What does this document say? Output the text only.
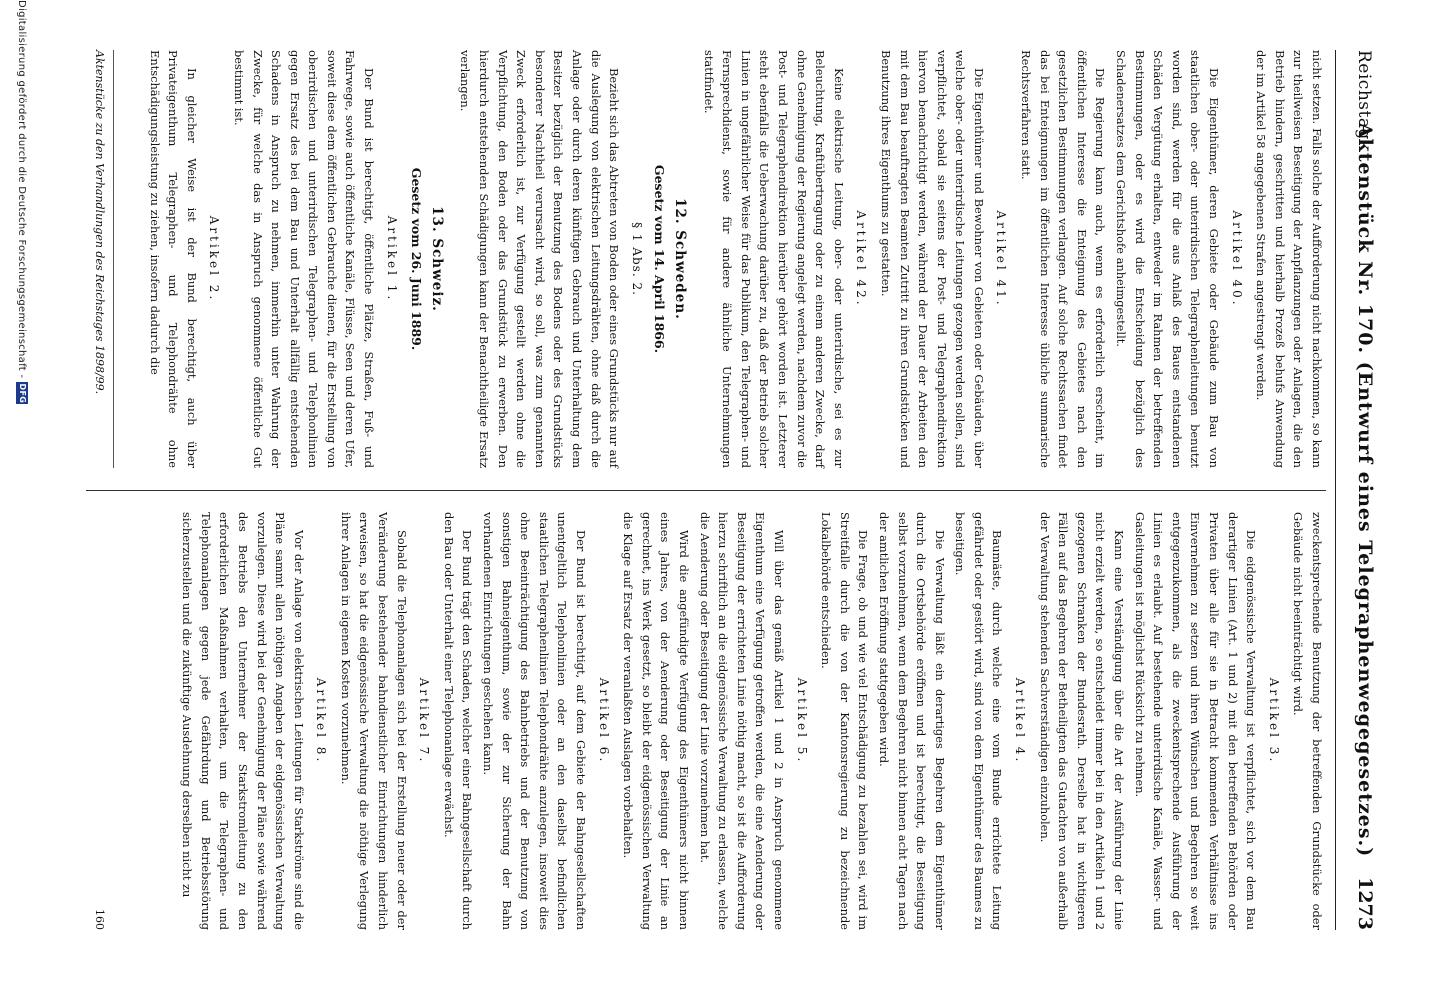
Reichstag.
Aktenstück Nr. 170. (Entwurf eines Telegraphenwegegesetzes.)
1273
nicht setzen. Falls solche der Aufforderung nicht nachkommen, so kann zur theilweisen Beseitigung der Anpflanzungen oder Anlagen, die den Betrieb hindern, geschritten und hierhalb Prozeß behufs Anwendung der im Artikel 58 angegebenen Strafen angestrengt werden.
Artikel 40.
Die Eigenthümer, deren Gebiete oder Gebäude zum Bau von staatlichen ober- oder unterirdischen Telegraphenleitungen benutzt worden sind, werden für die aus Anlaß des Baues entstandenen Schäden Vergütung erhalten, entweder im Rahmen der betreffenden Bestimmungen, oder es wird die Entscheidung bezüglich des Schadenersatzes dem Gerichtshofe anheimgestellt.
Die Regierung kann auch, wenn es erforderlich erscheint, im öffentlichen Interesse die Enteignung des Gebietes nach den gesetzlichen Bestimmungen verlangen. Auf solche Rechtssachen findet das bei Enteignungen im öffentlichen Interesse übliche summarische Rechtsverfahren statt.
Artikel 41.
Die Eigenthümer und Bewohner von Gebieten oder Gebäuden, über welche ober- oder unterirdische Leitungen gezogen werden sollen, sind verpflichtet, sobald sie seitens der Post- und Telegraphendirektion hiervon benachrichtigt werden, während der Dauer der Arbeiten den mit dem Bau beauftragten Beamten Zutritt zu ihren Grundstücken und Benutzung ihres Eigenthums zu gestatten.
Artikel 42.
Keine elektrische Leitung, ober- oder unterirdische, sei es zur Beleuchtung, Kraftübertragung oder zu einem anderen Zwecke, darf ohne Genehmigung der Regierung angelegt werden, nachdem zuvor die Post- und Telegraphendirektion hierüber gehört worden ist. Letzterer steht ebenfalls die Ueberwachung darüber zu, daß der Betrieb solcher Linien in ungefährlicher Weise für das Publikum, den Telegraphen- und Fernsprechdienst, sowie für andere ähnliche Unternehmungen stattfindet.
12. Schweden.
Gesetz vom 14. April 1866.
§ 1 Abs. 2.
Bezieht sich das Abtreten von Boden oder eines Grundstücks nur auf die Auslegung von elektrischen Leitungsdrähten, ohne daß durch die Anlage oder durch deren künftigen Gebrauch und Unterhaltung dem Besitzer bezüglich der Benutzung des Bodens oder des Grundstücks besonderer Nachtheil verursacht wird, so soll, was zum genannten Zweck erforderlich ist, zur Verfügung gestellt werden ohne die Verpflichtung, den Boden oder das Grundstück zu erwerben. Den hierdurch entstehenden Schädigungen kann der Benachtheiligte Ersatz verlangen.
13. Schweiz.
Gesetz vom 26. Juni 1889.
Artikel 1.
Der Bund ist berechtigt, öffentliche Plätze, Straßen, Fuß- und Fahrwege, sowie auch öffentliche Kanäle, Flüsse, Seen und deren Ufer, soweit diese dem öffentlichen Gebrauche dienen, für die Erstellung von oberirdischen und unterirdischen Telegraphen- und Telephonlinien gegen Ersatz des bei dem Bau und Unterhalt allfällig entstehenden Schadens in Anspruch zu nehmen, immerhin unter Wahrung der Zwecke, für welche das in Anspruch genommene öffentliche Gut bestimmt ist.
Artikel 2.
In gleicher Weise ist der Bund berechtigt, auch über Privateigenthum Telegraphen- und Telephondrähte ohne Entschädigungsleistung zu ziehen, insofern dadurch die
zweckentsprechende Benutzung der betreffenden Grundstücke oder Gebäude nicht beeinträchtigt wird.
Artikel 3.
Die eidgenössische Verwaltung ist verpflichtet, sich vor dem Bau derartiger Linien (Art. 1 und 2) mit den betreffenden Behörden oder Privaten über alle für sie in Betracht kommenden Verhältnisse ins Einvernehmen zu setzen und ihren Wünschen und Begehren so weit entgegenzukommen, als die zweckentsprechende Ausführung der Linien es erlaubt. Auf bestehende unterirdische Kanäle, Wasser- und Gasleitungen ist möglichst Rücksicht zu nehmen.
Kann eine Verständigung über die Art der Ausführung der Linie nicht erzielt werden, so entscheidet immer bei in den Artikeln 1 und 2 gezogenen Schranken der Bundesrath. Derselbe hat in wichtigeren Fällen auf das Begehren der Betheiligten das Gutachten von außerhalb der Verwaltung stehenden Sachverständigen einzuholen.
Artikel 4.
Baumäste, durch welche eine vom Bunde errichtete Leitung gefährdet oder gestört wird, sind von dem Eigenthümer des Baumes zu beseitigen.
Die Verwaltung läßt ein derartiges Begehren dem Eigenthümer durch die Ortsbehörde eröffnen und ist berechtigt, die Beseitigung selbst vorzunehmen, wenn dem Begehren nicht binnen acht Tagen nach der amtlichen Eröffnung stattgegeben wird.
Die Frage, ob und wie viel Entschädigung zu bezahlen sei, wird im Streitfalle durch die von der Kantonsregierung zu bezeichnende Lokalbehörde entschieden.
Artikel 5.
Will über das gemäß Artikel 1 und 2 in Anspruch genommene Eigenthum eine Verfügung getroffen werden, die eine Aenderung oder Beseitigung der errichteten Linie nöthig macht, so ist die Aufforderung hierzu schriftlich an die eidgenössische Verwaltung zu erlassen, welche die Aenderung oder Beseitigung der Linie vorzunehmen hat.
Wird die angefündigte Verfügung des Eigenthümers nicht binnen eines Jahres, von der Aenderung oder Beseitigung der Linie an gerechnet, ins Werk gesetzt, so bleibt der eidgenössischen Verwaltung die Klage auf Ersatz der veranlaßten Auslagen vorbehalten.
Artikel 6.
Der Bund ist berechtigt, auf dem Gebiete der Bahngesellschaften unentgeltlich Telephonlinien oder an den daselbst befindlichen staatlichen Telegraphenlinien Telephondrähte anzulegen, insoweit dies ohne Beeinträchtigung des Bahnbetriebs und der Benutzung von sonstigen Bahneigenthum, sowie der zur Sicherung der Bahn vorhandenen Einrichtungen geschehen kann.
Der Bund trägt den Schaden, welcher einer Bahngesellschaft durch den Bau oder Unterhalt einer Telephonanlage erwächst.
Artikel 7.
Sobald die Telephonanlagen sich bei der Erstellung neuer oder der Veränderung bestehender bahndienstlicher Einrichtungen hinderlich erweisen, so hat die eidgenössische Verwaltung die nöthige Verlegung ihrer Anlagen in eigenen Kosten vorzunehmen.
Artikel 8.
Vor der Anlage von elektrischen Leitungen für Starkströme sind die Pläne sammt allen nöthigen Angaben der eidgenössischen Verwaltung vorzulegen. Diese wird bei der Genehmigung der Pläne sowie während des Betriebs den Unternehmer der Starkstromleitung zu den erforderlichen Maßnahmen verhalten, um die Telegraphen- und Telephonanlagen gegen jede Gefährdung und Betriebsstörung sicherzustellen und die zukünftige Ausdehnung derselben nicht zu
Aktenstücke zu den Verhandlungen des Reichstages 1898/99.
160
Digitalisierung gefördert durch die Deutsche Forschungsgemeinschaft -DFG
